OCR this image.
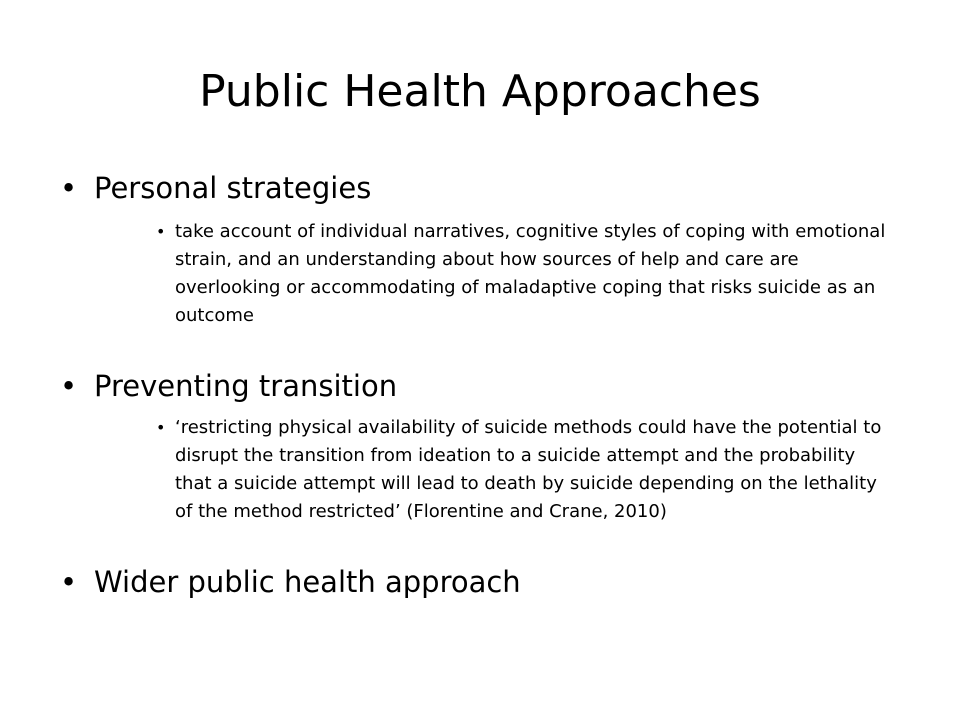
Public Health Approaches
• Personal strategies
• take account of individual narratives, cognitive styles of coping with emotional strain, and an understanding about how sources of help and care are overlooking or accommodating of maladaptive coping that risks suicide as an outcome
• Preventing transition
• ‘restricting physical availability of suicide methods could have the potential to disrupt the transition from ideation to a suicide attempt and the probability that a suicide attempt will lead to death by suicide depending on the lethality of the method restricted’ (Florentine and Crane, 2010)
• Wider public health approach
